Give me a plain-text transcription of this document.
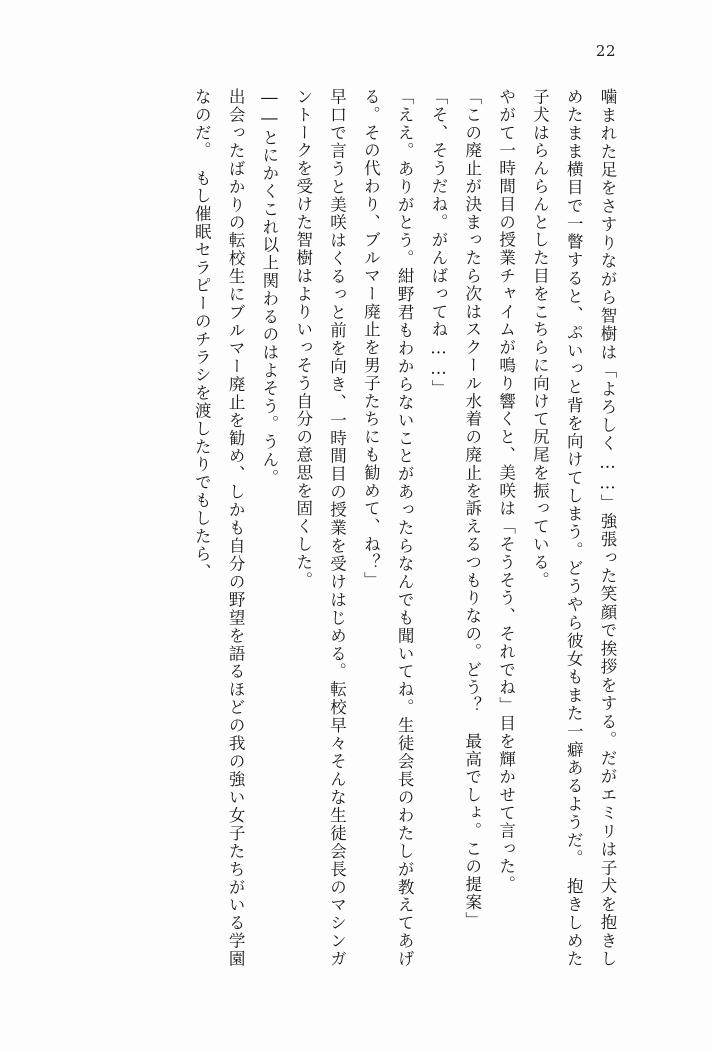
22

噛まれた足をさすりながら智樹は「よろしく……」強張った笑顔で挨拶をする。だがエミリは子犬を抱きしめたまま横目で一瞥すると、ぷいっと背を向けてしまう。どうやら彼女もまた一癖あるようだ。　抱きしめた子犬はらんらんとした目をこちらに向けて尻尾を振っている。

やがて一時間目の授業チャイムが鳴り響くと、美咲は「そうそう、それでね」目を輝かせて言った。

「この廃止が決まったら次はスクール水着の廃止を訴えるつもりなの。どう？　最高でしょ。この提案」

「そ、そうだね。がんばってね……」

「ええ。ありがとう。紺野君もわからないことがあったらなんでも聞いてね。生徒会長のわたしが教えてあげる。その代わり、ブルマー廃止を男子たちにも勧めて、ね？」

早口で言うと美咲はくるっと前を向き、一時間目の授業を受けはじめる。転校早々そんな生徒会長のマシンガントークを受けた智樹はよりいっそう自分の意思を固くした。

――とにかくこれ以上関わるのはよそう。うん。

出会ったばかりの転校生にブルマー廃止を勧め、しかも自分の野望を語るほどの我の強い女子たちがいる学園なのだ。　もし催眠セラピーのチラシを渡したりでもしたら、
